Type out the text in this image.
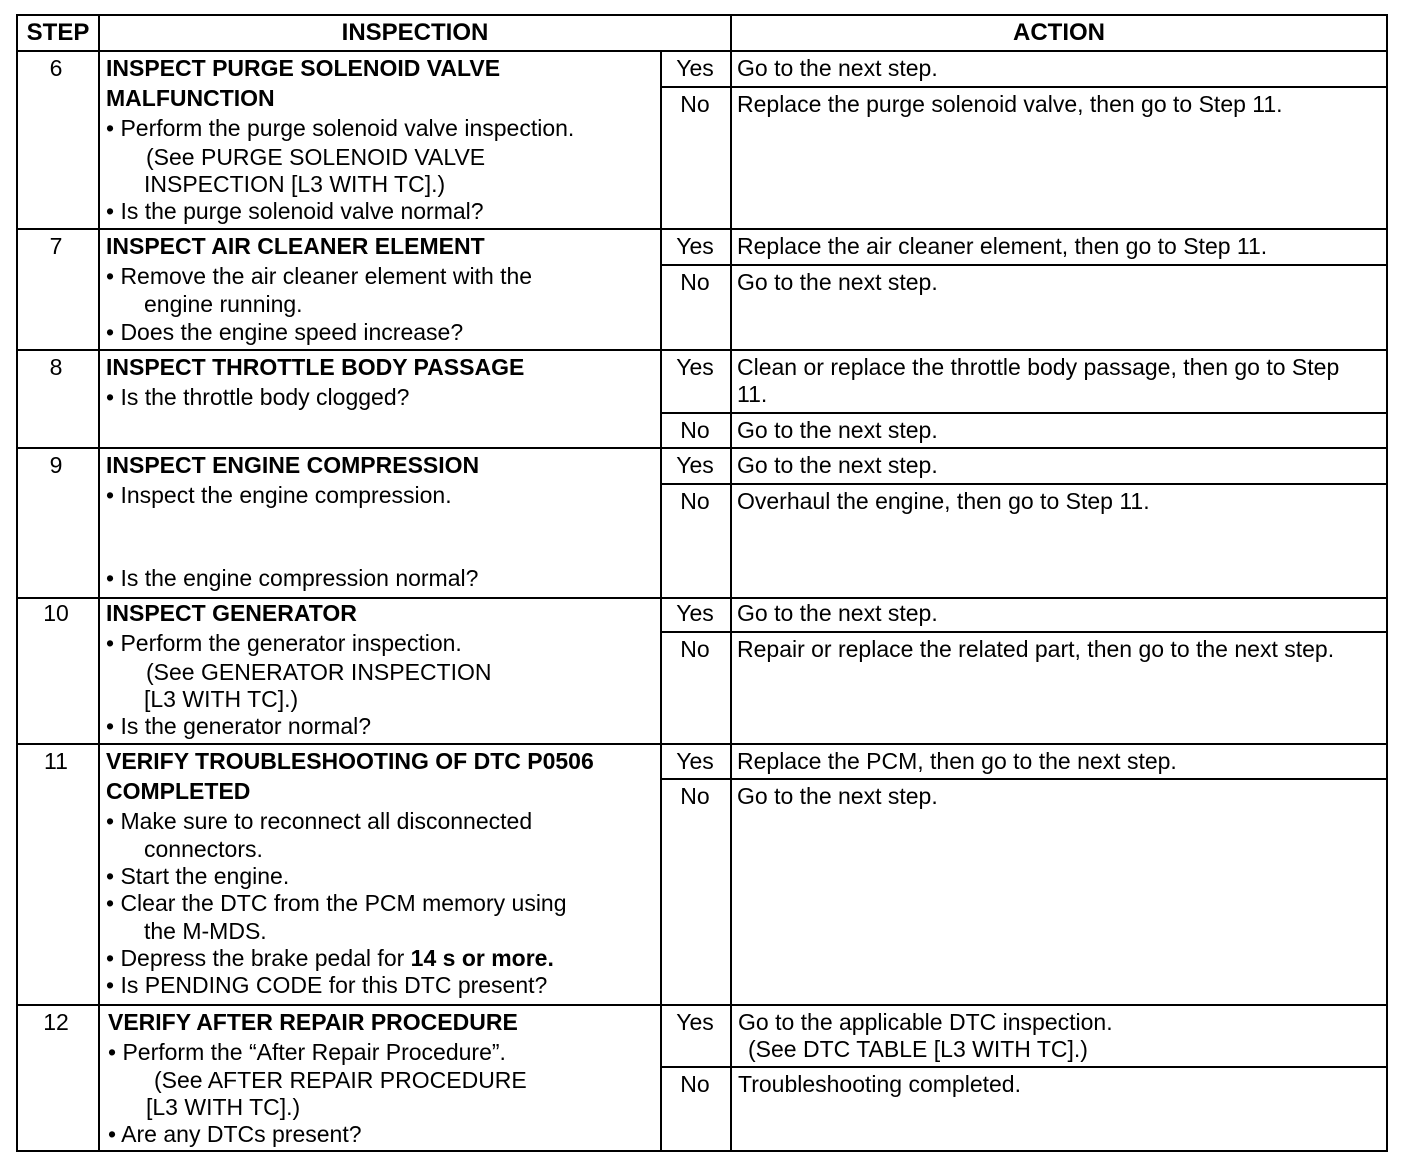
STEP	INSPECTION	ACTION
6	INSPECT PURGE SOLENOID VALVE
MALFUNCTION
• Perform the purge solenoid valve inspection.
(See PURGE SOLENOID VALVE
INSPECTION [L3 WITH TC].)
• Is the purge solenoid valve normal?
Yes	Go to the next step.
No	Replace the purge solenoid valve, then go to Step 11.
7	INSPECT AIR CLEANER ELEMENT
• Remove the air cleaner element with the
engine running.
• Does the engine speed increase?
Yes	Replace the air cleaner element, then go to Step 11.
No	Go to the next step.
8	INSPECT THROTTLE BODY PASSAGE
• Is the throttle body clogged?
Yes	Clean or replace the throttle body passage, then go to Step
11.
No	Go to the next step.
9	INSPECT ENGINE COMPRESSION
• Inspect the engine compression.
• Is the engine compression normal?
Yes	Go to the next step.
No	Overhaul the engine, then go to Step 11.
10	INSPECT GENERATOR
• Perform the generator inspection.
(See GENERATOR INSPECTION
[L3 WITH TC].)
• Is the generator normal?
Yes	Go to the next step.
No	Repair or replace the related part, then go to the next step.
11	VERIFY TROUBLESHOOTING OF DTC P0506
COMPLETED
• Make sure to reconnect all disconnected
connectors.
• Start the engine.
• Clear the DTC from the PCM memory using
the M-MDS.
• Depress the brake pedal for 14 s or more.
• Is PENDING CODE for this DTC present?
Yes	Replace the PCM, then go to the next step.
No	Go to the next step.
12	VERIFY AFTER REPAIR PROCEDURE
• Perform the “After Repair Procedure”.
(See AFTER REPAIR PROCEDURE
[L3 WITH TC].)
• Are any DTCs present?
Yes	Go to the applicable DTC inspection.
(See DTC TABLE [L3 WITH TC].)
No	Troubleshooting completed.
